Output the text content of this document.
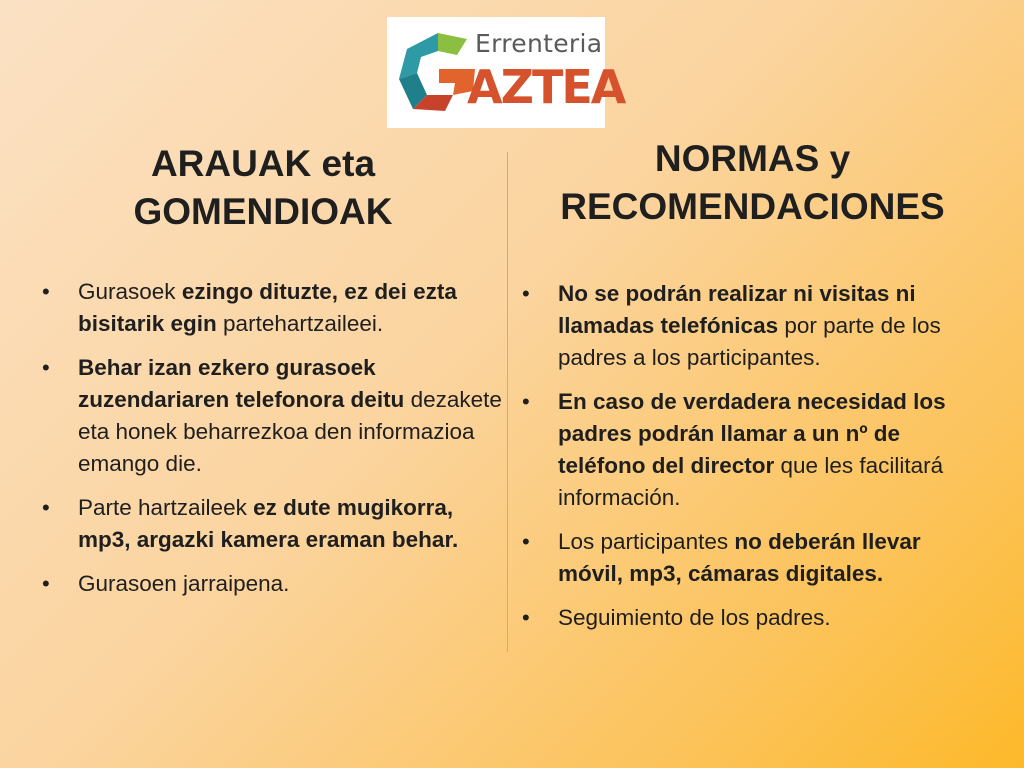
Errenteria
AZTEA
ARAUAK eta
GOMENDIOAK
NORMAS y
RECOMENDACIONES
• Gurasoek ezingo dituzte, ez dei ezta bisitarik egin partehartzaileei.
• Behar izan ezkero gurasoek zuzendariaren telefonora deitu dezakete eta honek beharrezkoa den informazioa emango die.
• Parte hartzaileek ez dute mugikorra, mp3, argazki kamera eraman behar.
• Gurasoen jarraipena.
• No se podrán realizar ni visitas ni llamadas telefónicas por parte de los padres a los participantes.
• En caso de verdadera necesidad los padres podrán llamar a un nº de teléfono del director que les facilitará información.
• Los participantes no deberán llevar móvil, mp3, cámaras digitales.
• Seguimiento de los padres.
